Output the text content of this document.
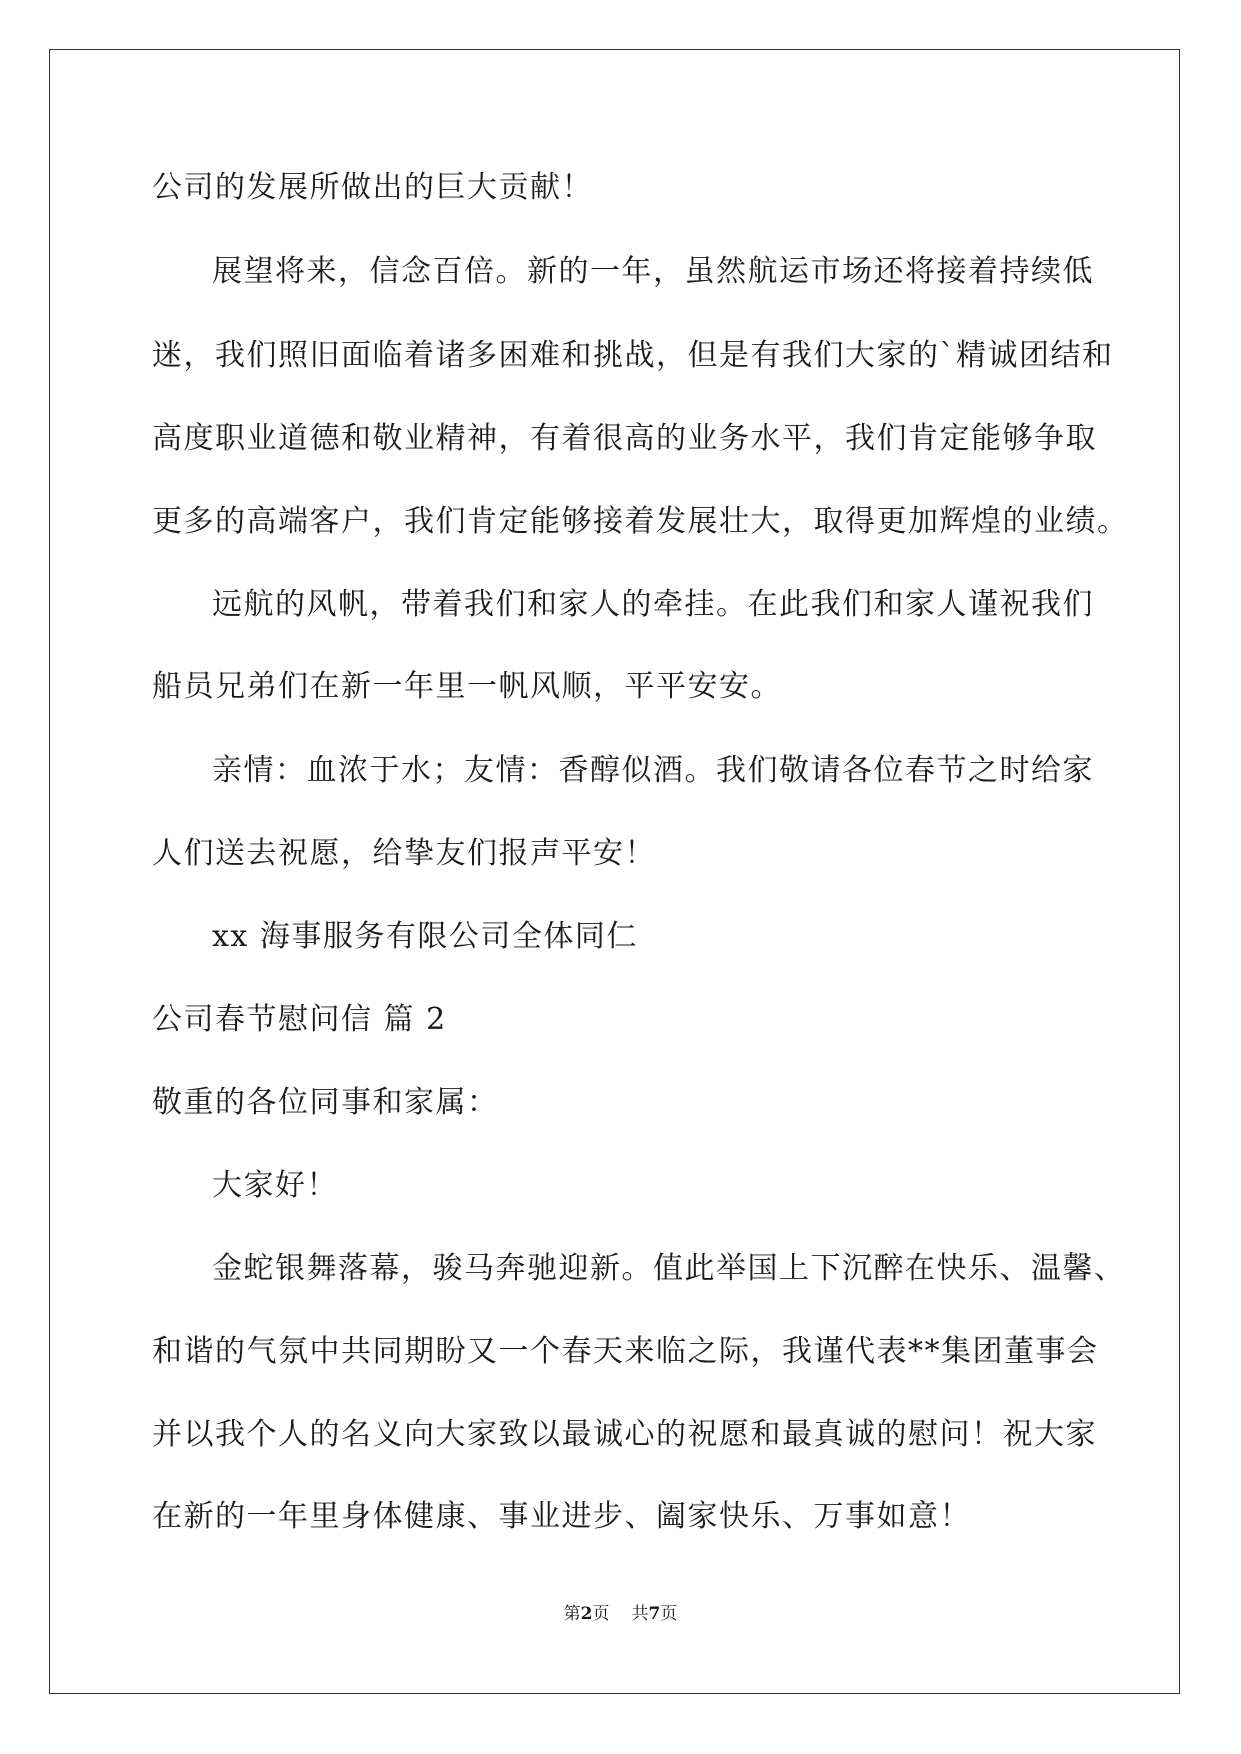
公司的发展所做出的巨大贡献！
展望将来，信念百倍。新的一年，虽然航运市场还将接着持续低
迷，我们照旧面临着诸多困难和挑战，但是有我们大家的`精诚团结和
高度职业道德和敬业精神，有着很高的业务水平，我们肯定能够争取
更多的高端客户，我们肯定能够接着发展壮大，取得更加辉煌的业绩。
远航的风帆，带着我们和家人的牵挂。在此我们和家人谨祝我们
船员兄弟们在新一年里一帆风顺，平平安安。
亲情：血浓于水；友情：香醇似酒。我们敬请各位春节之时给家
人们送去祝愿，给挚友们报声平安！
xx 海事服务有限公司全体同仁
公司春节慰问信 篇 2
敬重的各位同事和家属：
大家好！
金蛇银舞落幕，骏马奔驰迎新。值此举国上下沉醉在快乐、温馨、
和谐的气氛中共同期盼又一个春天来临之际，我谨代表**集团董事会
并以我个人的名义向大家致以最诚心的祝愿和最真诚的慰问！祝大家
在新的一年里身体健康、事业进步、阖家快乐、万事如意！
第2页 共7页
